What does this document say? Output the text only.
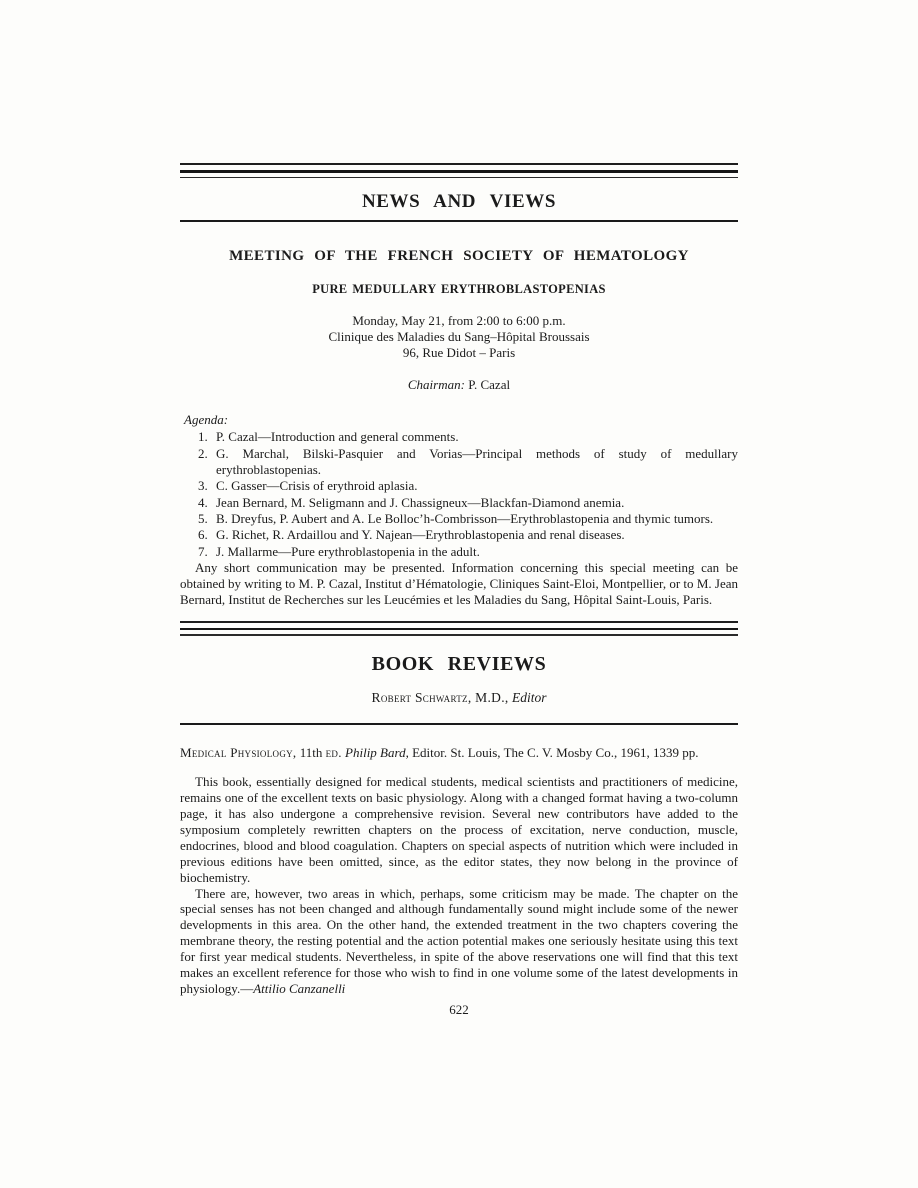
NEWS AND VIEWS
MEETING OF THE FRENCH SOCIETY OF HEMATOLOGY
PURE MEDULLARY ERYTHROBLASTOPENIAS
Monday, May 21, from 2:00 to 6:00 p.m.
Clinique des Maladies du Sang–Hôpital Broussais
96, Rue Didot – Paris
Chairman: P. Cazal
Agenda:
1. P. Cazal—Introduction and general comments.
2. G. Marchal, Bilski-Pasquier and Vorias—Principal methods of study of medullary erythroblastopenias.
3. C. Gasser—Crisis of erythroid aplasia.
4. Jean Bernard, M. Seligmann and J. Chassigneux—Blackfan-Diamond anemia.
5. B. Dreyfus, P. Aubert and A. Le Bolloc’h-Combrisson—Erythroblastopenia and thymic tumors.
6. G. Richet, R. Ardaillou and Y. Najean—Erythroblastopenia and renal diseases.
7. J. Mallarme—Pure erythroblastopenia in the adult.

Any short communication may be presented. Information concerning this special meeting can be obtained by writing to M. P. Cazal, Institut d’Hématologie, Cliniques Saint-Eloi, Montpellier, or to M. Jean Bernard, Institut de Recherches sur les Leucémies et les Maladies du Sang, Hôpital Saint-Louis, Paris.

BOOK REVIEWS
Robert Schwartz, M.D., Editor

Medical Physiology, 11th ed. Philip Bard, Editor. St. Louis, The C. V. Mosby Co., 1961, 1339 pp.

This book, essentially designed for medical students, medical scientists and practitioners of medicine, remains one of the excellent texts on basic physiology. Along with a changed format having a two-column page, it has also undergone a comprehensive revision. Several new contributors have added to the symposium completely rewritten chapters on the process of excitation, nerve conduction, muscle, endocrines, blood and blood coagulation. Chapters on special aspects of nutrition which were included in previous editions have been omitted, since, as the editor states, they now belong in the province of biochemistry.

There are, however, two areas in which, perhaps, some criticism may be made. The chapter on the special senses has not been changed and although fundamentally sound might include some of the newer developments in this area. On the other hand, the extended treatment in the two chapters covering the membrane theory, the resting potential and the action potential makes one seriously hesitate using this text for first year medical students. Nevertheless, in spite of the above reservations one will find that this text makes an excellent reference for those who wish to find in one volume some of the latest developments in physiology.—Attilio Canzanelli

622
